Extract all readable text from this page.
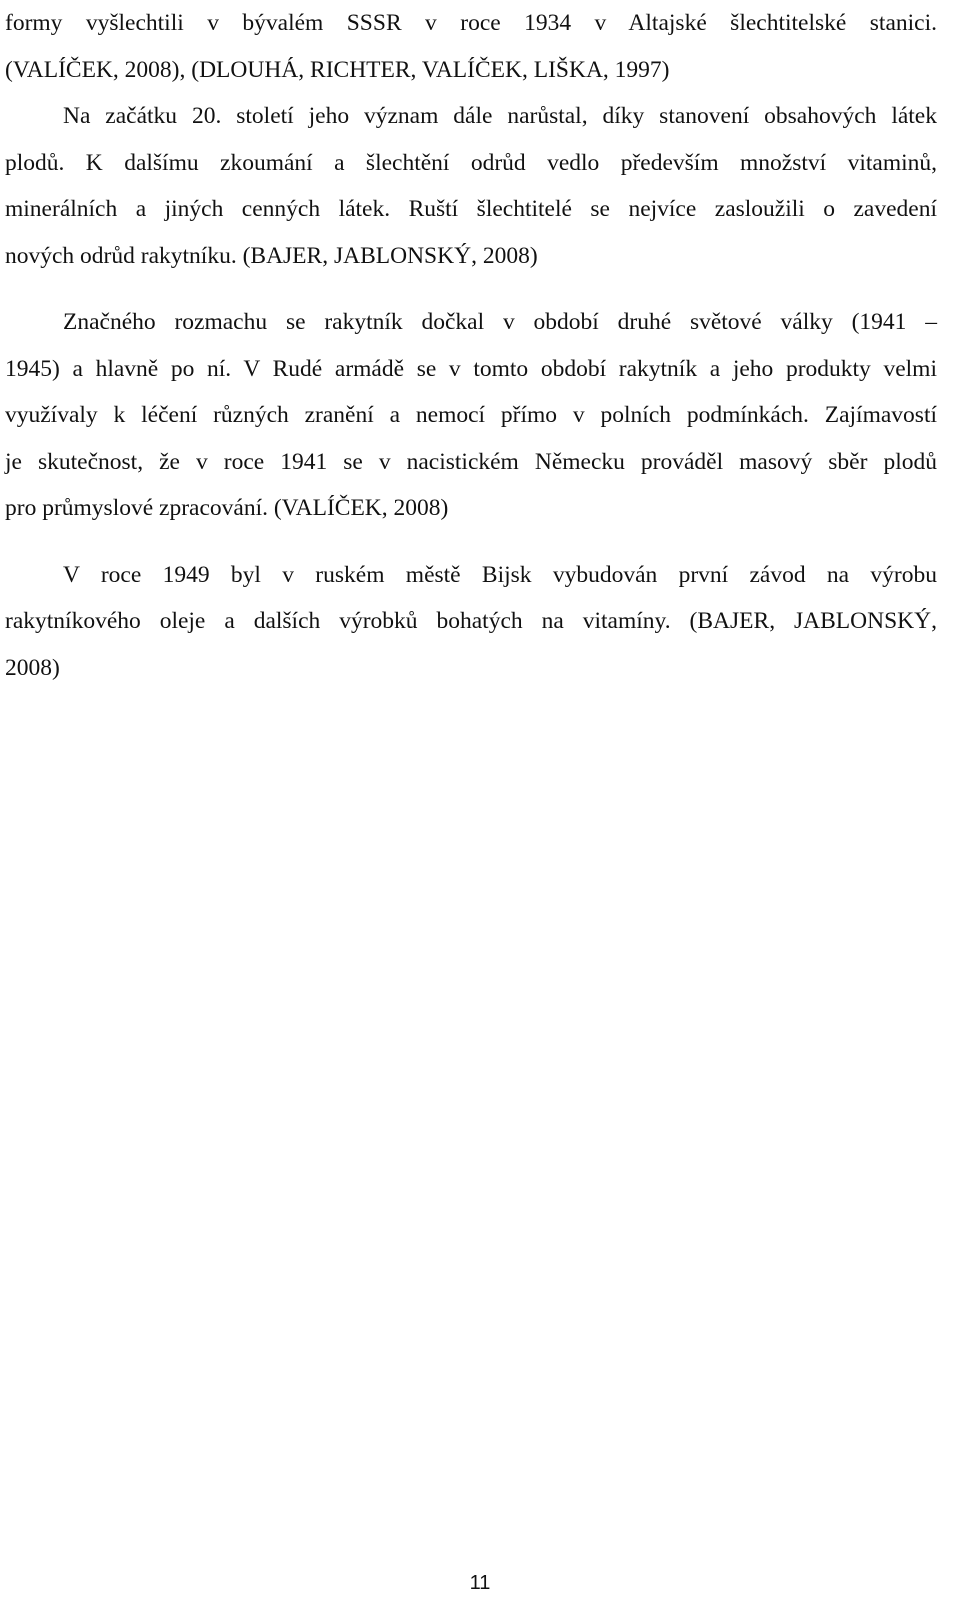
formy vyšlechtili v bývalém SSSR v roce 1934 v Altajské šlechtitelské stanici.

(VALÍČEK, 2008), (DLOUHÁ, RICHTER, VALÍČEK, LIŠKA, 1997)

Na začátku 20. století jeho význam dále narůstal, díky stanovení obsahových látek

plodů. K dalšímu zkoumání a šlechtění odrůd vedlo především množství vitaminů,

minerálních a jiných cenných látek. Ruští šlechtitelé se nejvíce zasloužili o zavedení

nových odrůd rakytníku. (BAJER, JABLONSKÝ, 2008)

Značného rozmachu se rakytník dočkal v období druhé světové války (1941 –

1945) a hlavně po ní. V Rudé armádě se v tomto období rakytník a jeho produkty velmi

využívaly k léčení různých zranění a nemocí přímo v polních podmínkách. Zajímavostí

je skutečnost, že v roce 1941 se v nacistickém Německu prováděl masový sběr plodů

pro průmyslové zpracování. (VALÍČEK, 2008)

V roce 1949 byl v ruském městě Bijsk vybudován první závod na výrobu

rakytníkového oleje a dalších výrobků bohatých na vitamíny. (BAJER, JABLONSKÝ,

2008)

11
